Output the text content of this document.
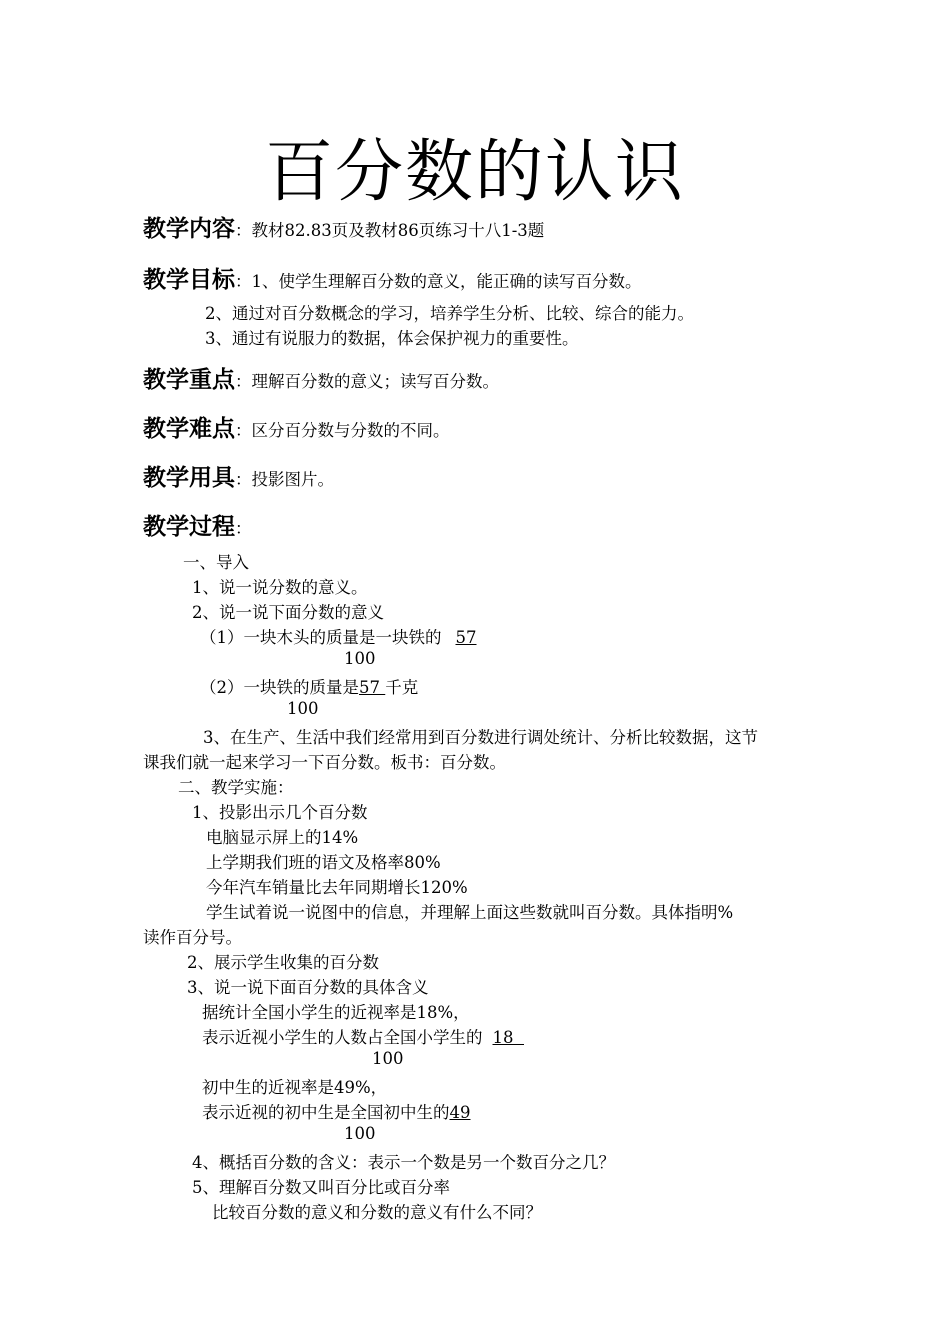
百分数的认识
教学内容：教材82.83页及教材86页练习十八1-3题
教学目标：1、使学生理解百分数的意义，能正确的读写百分数。
2、通过对百分数概念的学习，培养学生分析、比较、综合的能力。
3、通过有说服力的数据，体会保护视力的重要性。
教学重点：理解百分数的意义；读写百分数。
教学难点：区分百分数与分数的不同。
教学用具：投影图片。
教学过程：
一、导入
1、说一说分数的意义。
2、说一说下面分数的意义
（1）一块木头的质量是一块铁的 57
100
（2）一块铁的质量是57 千克
100
3、在生产、生活中我们经常用到百分数进行调处统计、分析比较数据，这节
课我们就一起来学习一下百分数。板书：百分数。
二、教学实施：
1、投影出示几个百分数
电脑显示屏上的14%
上学期我们班的语文及格率80%
今年汽车销量比去年同期增长120%
学生试着说一说图中的信息，并理解上面这些数就叫百分数。具体指明%
读作百分号。
2、展示学生收集的百分数
3、说一说下面百分数的具体含义
据统计全国小学生的近视率是18%，
表示近视小学生的人数占全国小学生的 18
100
初中生的近视率是49%，
表示近视的初中生是全国初中生的49
100
4、概括百分数的含义：表示一个数是另一个数百分之几？
5、理解百分数又叫百分比或百分率
比较百分数的意义和分数的意义有什么不同？
